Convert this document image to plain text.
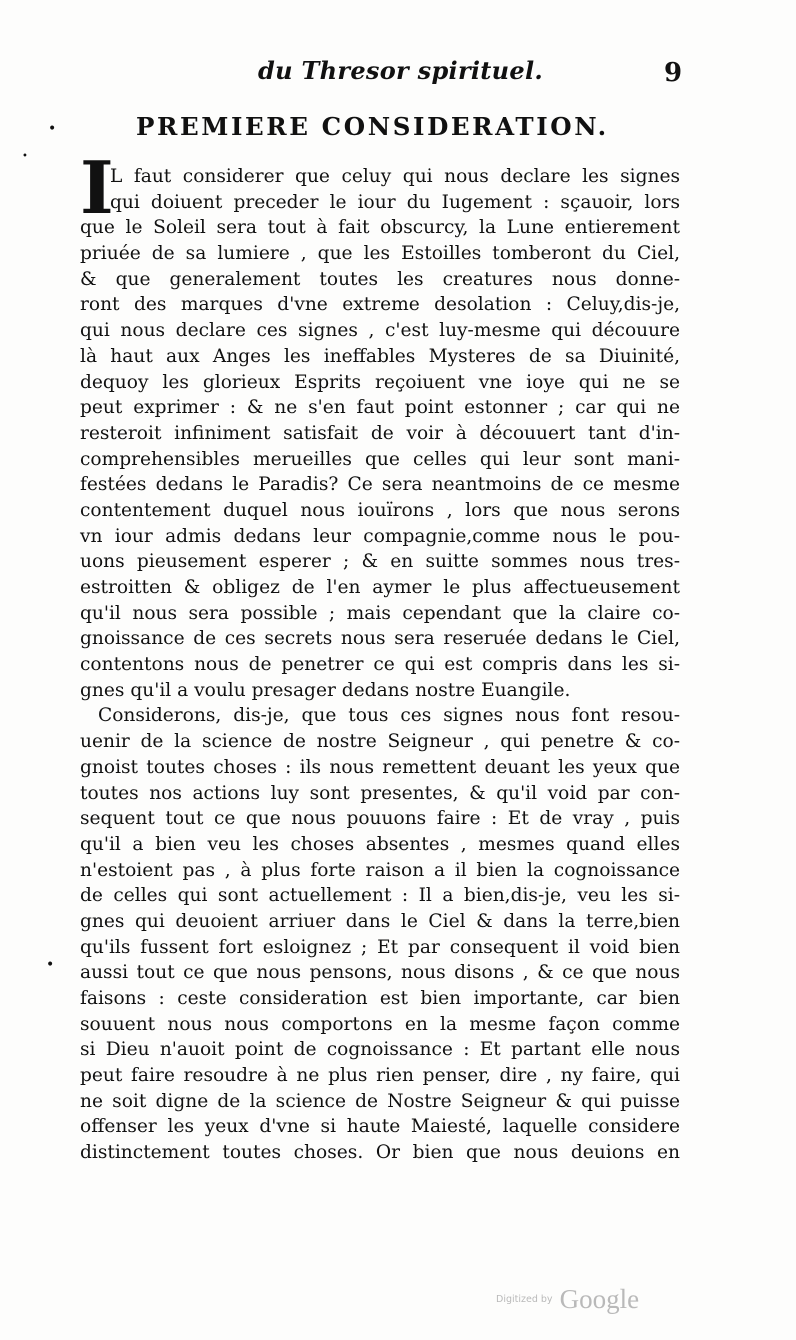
du Thresor spirituel.	9
•
•
PREMIERE CONSIDERATION.
I
•
L faut considerer que celuy qui nous declare les signes
qui doiuent preceder le iour du Iugement : sçauoir, lors
que le Soleil sera tout à fait obscurcy, la Lune entierement
priuée de sa lumiere , que les Estoilles tomberont du Ciel,
& que generalement toutes les creatures nous donne-
ront des marques d'vne extreme desolation : Celuy,dis-je,
qui nous declare ces signes , c'est luy-mesme qui découure
là haut aux Anges les ineffables Mysteres de sa Diuinité,
dequoy les glorieux Esprits reçoiuent vne ioye qui ne se
peut exprimer : & ne s'en faut point estonner ; car qui ne
resteroit infiniment satisfait de voir à découuert tant d'in-
comprehensibles merueilles que celles qui leur sont mani-
festées dedans le Paradis? Ce sera neantmoins de ce mesme
contentement duquel nous iouïrons , lors que nous serons
vn iour admis dedans leur compagnie,comme nous le pou-
uons pieusement esperer ; & en suitte sommes nous tres-
estroitten & obligez de l'en aymer le plus affectueusement
qu'il nous sera possible ; mais cependant que la claire co-
gnoissance de ces secrets nous sera reseruée dedans le Ciel,
contentons nous de penetrer ce qui est compris dans les si-
gnes qu'il a voulu presager dedans nostre Euangile.
Considerons, dis-je, que tous ces signes nous font resou-
uenir de la science de nostre Seigneur , qui penetre & co-
gnoist toutes choses : ils nous remettent deuant les yeux que
toutes nos actions luy sont presentes, & qu'il void par con-
sequent tout ce que nous pouuons faire : Et de vray , puis
qu'il a bien veu les choses absentes , mesmes quand elles
n'estoient pas , à plus forte raison a il bien la cognoissance
de celles qui sont actuellement : Il a bien,dis-je, veu les si-
gnes qui deuoient arriuer dans le Ciel & dans la terre,bien
qu'ils fussent fort esloignez ; Et par consequent il void bien
aussi tout ce que nous pensons, nous disons , & ce que nous
faisons : ceste consideration est bien importante, car bien
souuent nous nous comportons en la mesme façon comme
si Dieu n'auoit point de cognoissance : Et partant elle nous
peut faire resoudre à ne plus rien penser, dire , ny faire, qui
ne soit digne de la science de Nostre Seigneur & qui puisse
offenser les yeux d'vne si haute Maiesté, laquelle considere
distinctement toutes choses. Or bien que nous deuions en
Digitized by Google
